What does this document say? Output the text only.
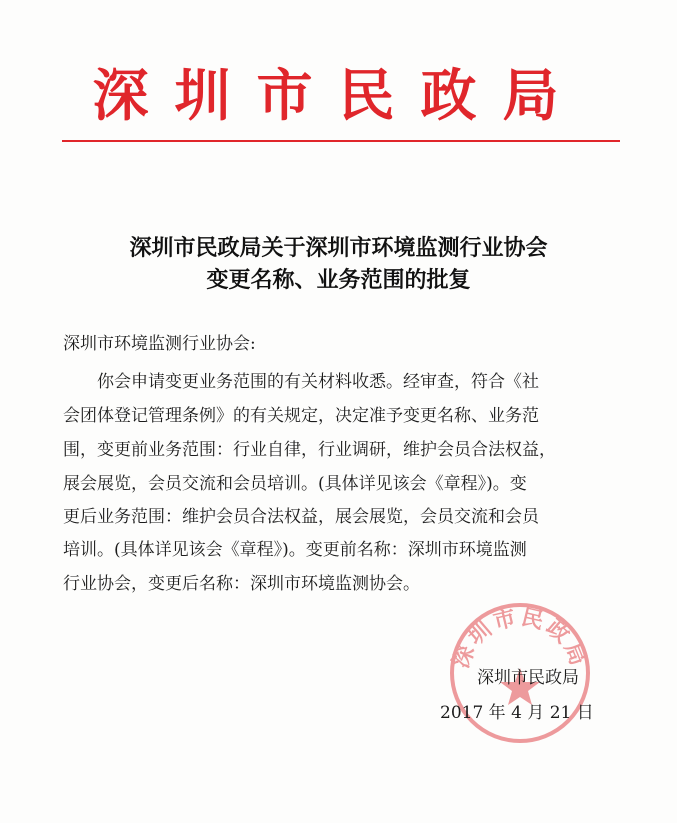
深圳市民政局
深圳市民政局关于深圳市环境监测行业协会
变更名称、业务范围的批复
深圳市环境监测行业协会:
你会申请变更业务范围的有关材料收悉。经审查，符合《社
会团体登记管理条例》的有关规定，决定准予变更名称、业务范
围，变更前业务范围：行业自律，行业调研，维护会员合法权益，
展会展览，会员交流和会员培训。(具体详见该会《章程》)。变
更后业务范围：维护会员合法权益，展会展览，会员交流和会员
培训。(具体详见该会《章程》)。变更前名称：深圳市环境监测
行业协会，变更后名称：深圳市环境监测协会。
深圳市民政局
深圳市民政局
2017 年 4 月 21 日
